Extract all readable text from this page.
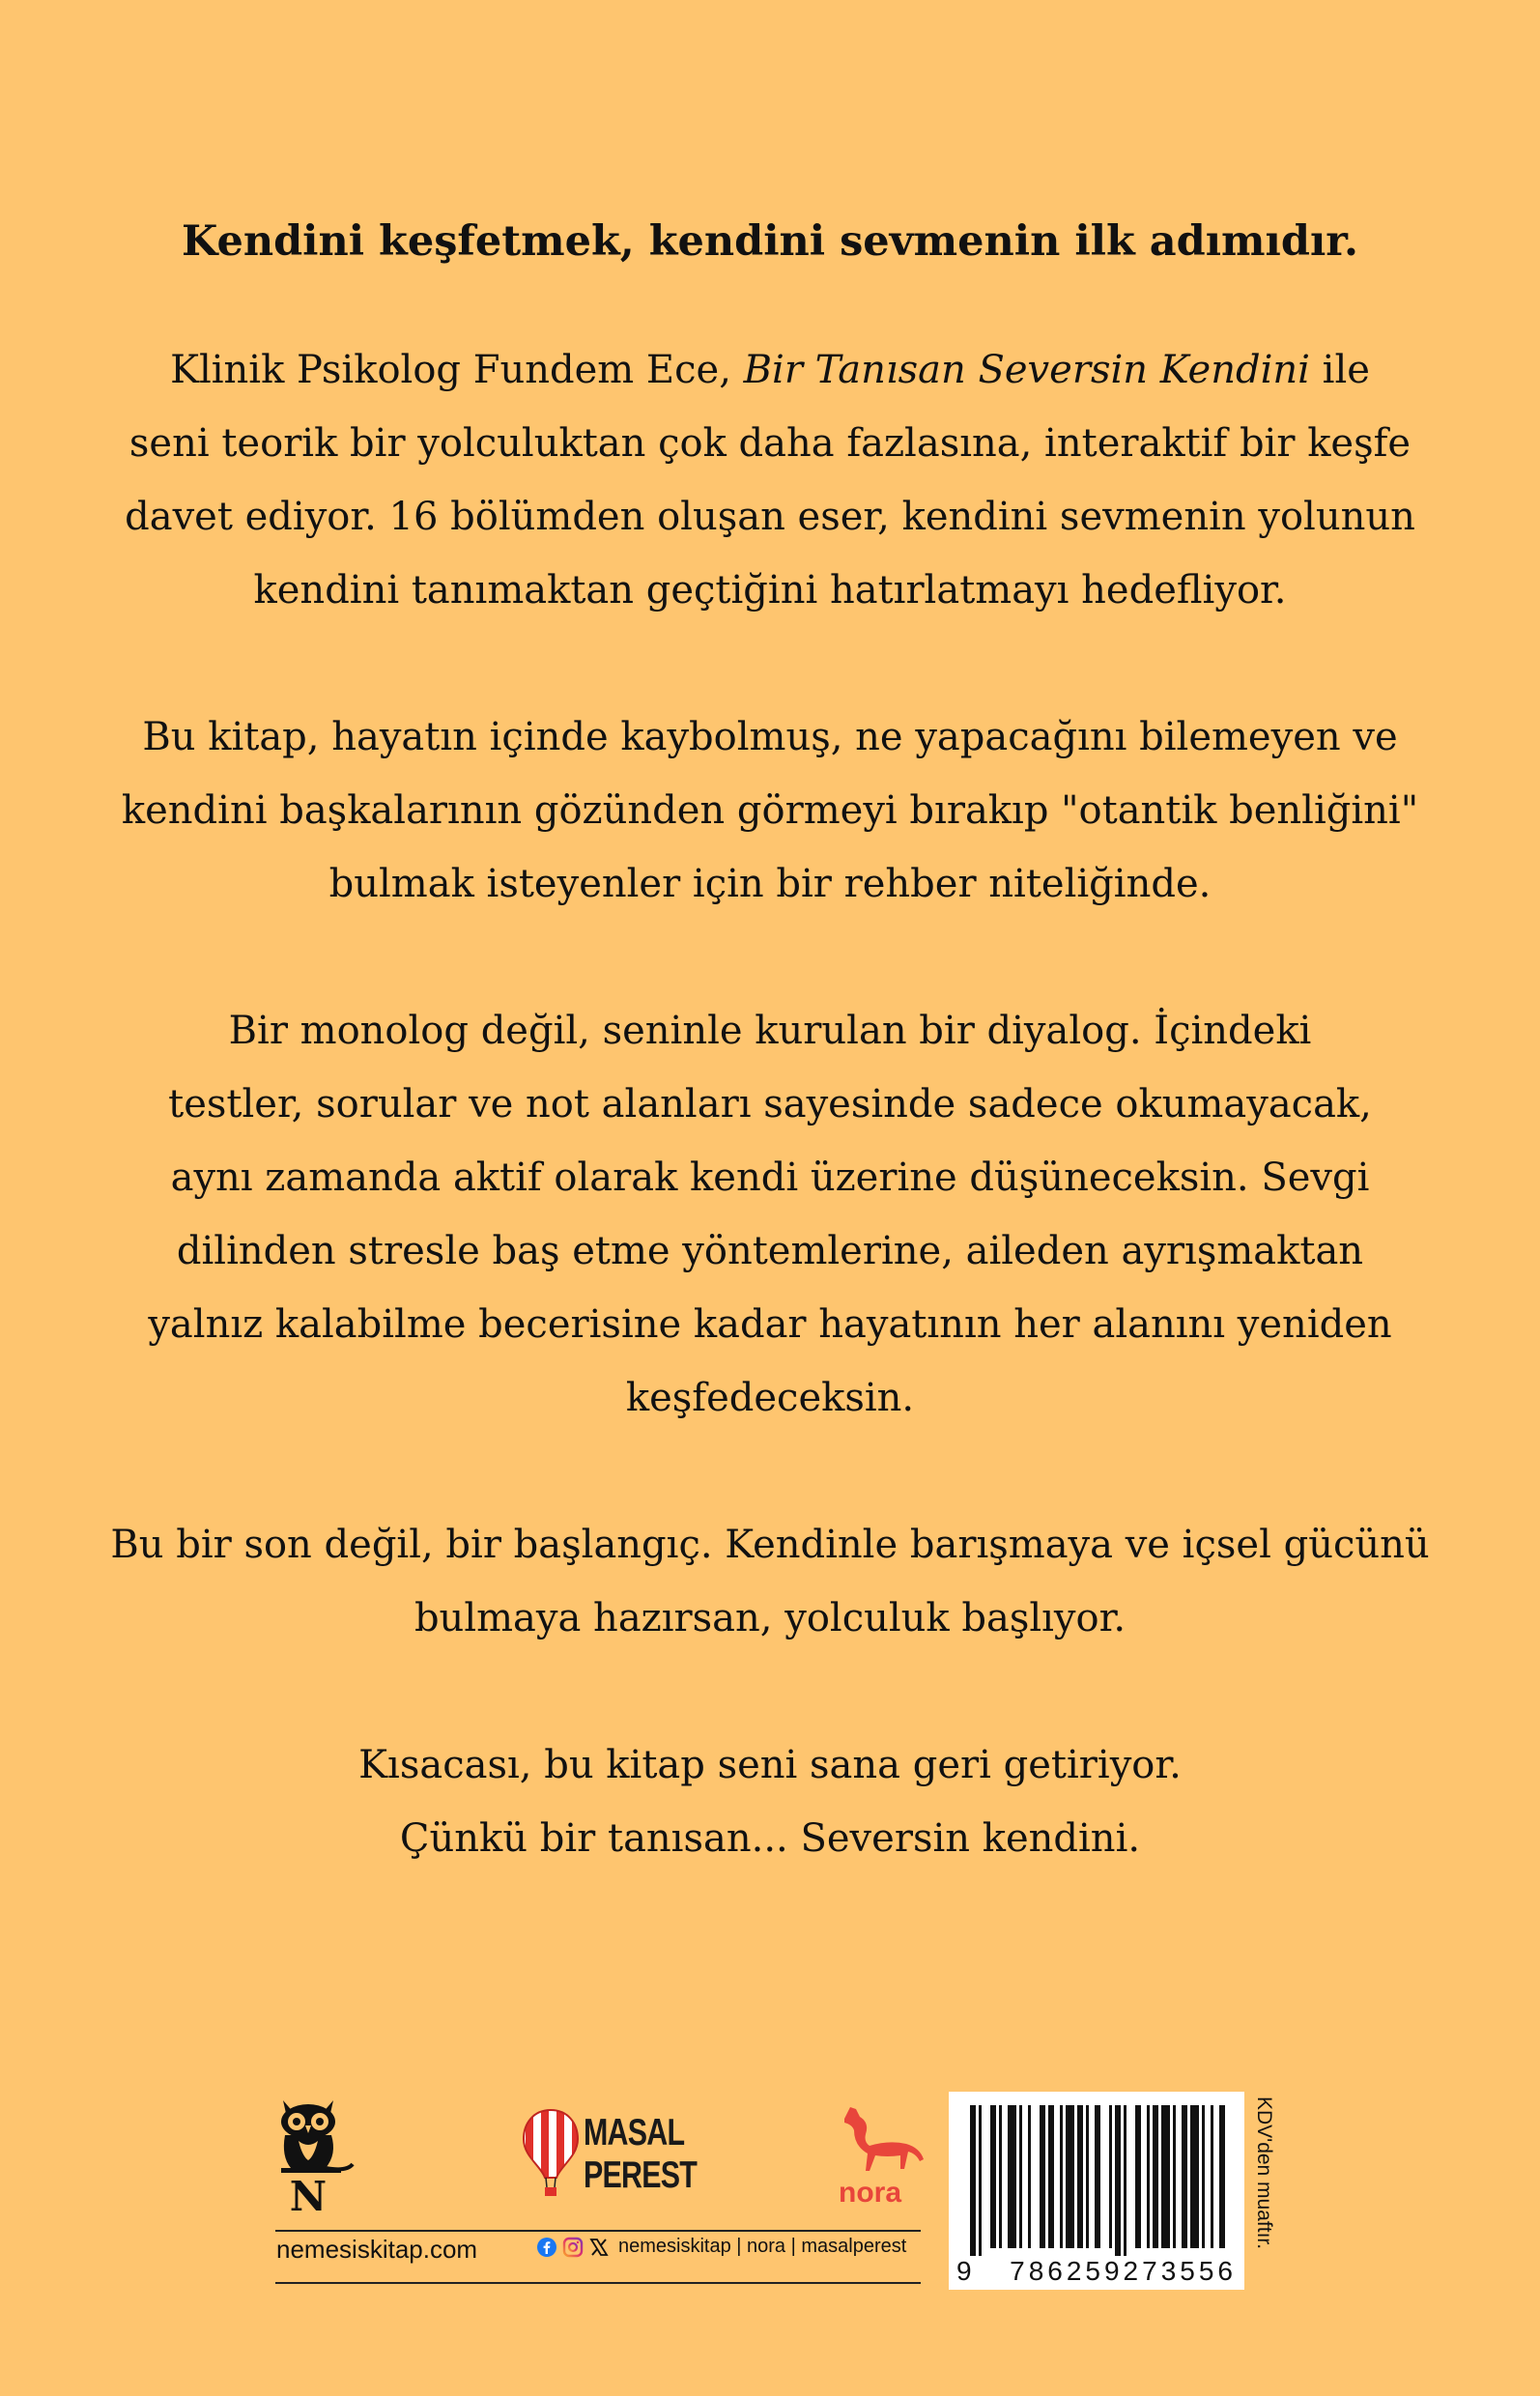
Kendini keşfetmek, kendini sevmenin ilk adımıdır.

Klinik Psikolog Fundem Ece, Bir Tanısan Seversin Kendini ile
seni teorik bir yolculuktan çok daha fazlasına, interaktif bir keşfe
davet ediyor. 16 bölümden oluşan eser, kendini sevmenin yolunun
kendini tanımaktan geçtiğini hatırlatmayı hedefliyor.

Bu kitap, hayatın içinde kaybolmuş, ne yapacağını bilemeyen ve
kendini başkalarının gözünden görmeyi bırakıp "otantik benliğini"
bulmak isteyenler için bir rehber niteliğinde.

Bir monolog değil, seninle kurulan bir diyalog. İçindeki
testler, sorular ve not alanları sayesinde sadece okumayacak,
aynı zamanda aktif olarak kendi üzerine düşüneceksin. Sevgi
dilinden stresle baş etme yöntemlerine, aileden ayrışmaktan
yalnız kalabilme becerisine kadar hayatının her alanını yeniden
keşfedeceksin.

Bu bir son değil, bir başlangıç. Kendinle barışmaya ve içsel gücünü
bulmaya hazırsan, yolculuk başlıyor.

Kısacası, bu kitap seni sana geri getiriyor.
Çünkü bir tanısan... Seversin kendini.

N
MASAL
PEREST	nora
nemesiskitap.com	nemesiskitap | nora | masalperest
9 786259273556
KDV'den muaftır.
